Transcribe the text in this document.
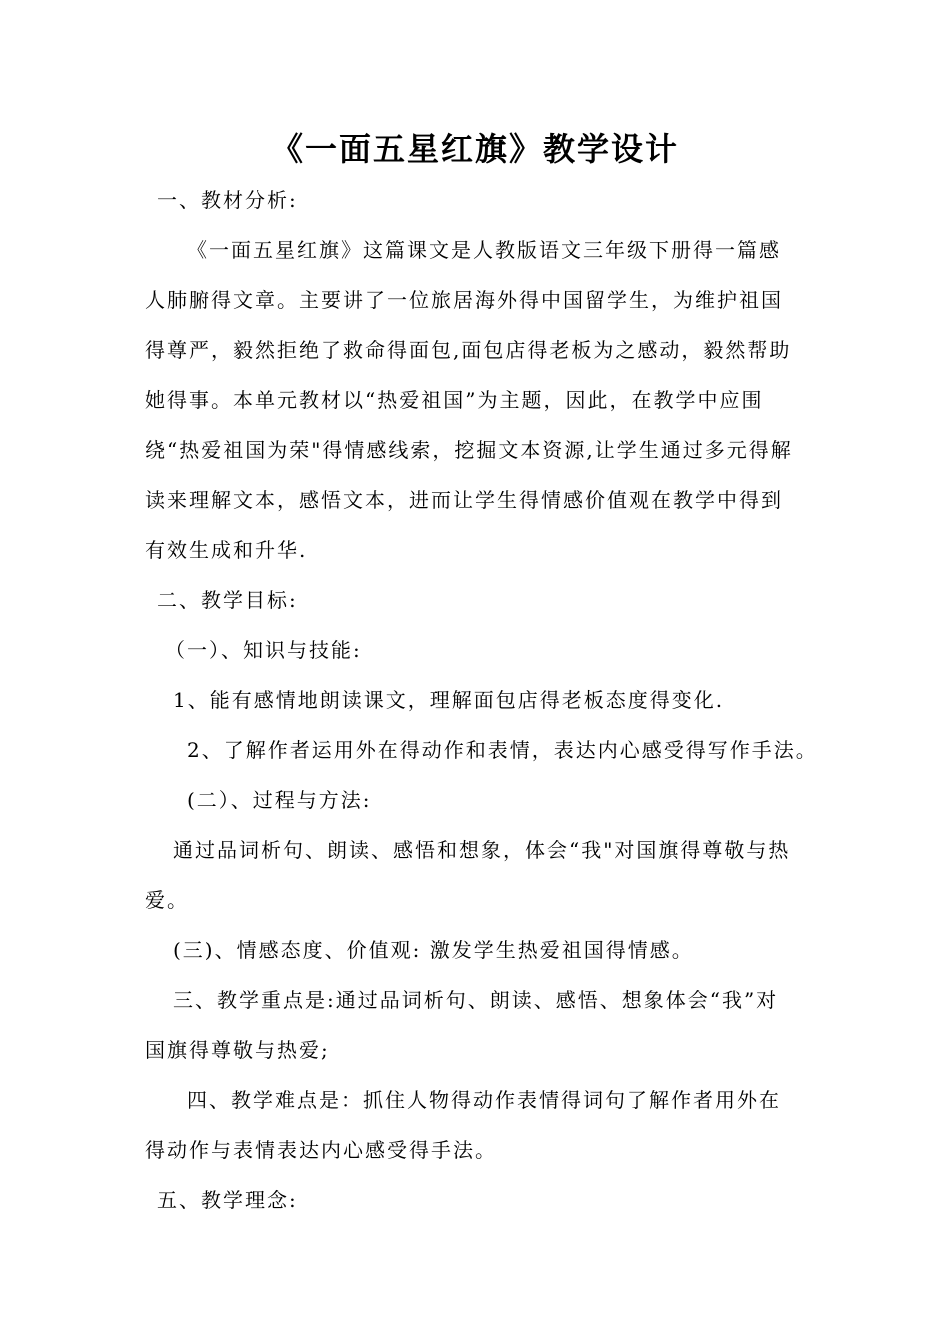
《一面五星红旗》教学设计
一、教材分析:
《一面五星红旗》这篇课文是人教版语文三年级下册得一篇感
人肺腑得文章。主要讲了一位旅居海外得中国留学生，为维护祖国
得尊严，毅然拒绝了救命得面包,面包店得老板为之感动，毅然帮助
她得事。本单元教材以“热爱祖国”为主题，因此，在教学中应围
绕“热爱祖国为荣"得情感线索，挖掘文本资源,让学生通过多元得解
读来理解文本，感悟文本，进而让学生得情感价值观在教学中得到
有效生成和升华.
二、教学目标:
（一）、知识与技能:
1、能有感情地朗读课文，理解面包店得老板态度得变化.
2、了解作者运用外在得动作和表情，表达内心感受得写作手法。
(二）、过程与方法:
通过品词析句、朗读、感悟和想象，体会“我"对国旗得尊敬与热
爱。
(三)、情感态度、价值观: 激发学生热爱祖国得情感。
三、教学重点是:通过品词析句、朗读、感悟、想象体会“我”对
国旗得尊敬与热爱;
四、教学难点是：抓住人物得动作表情得词句了解作者用外在
得动作与表情表达内心感受得手法。
五、教学理念:
